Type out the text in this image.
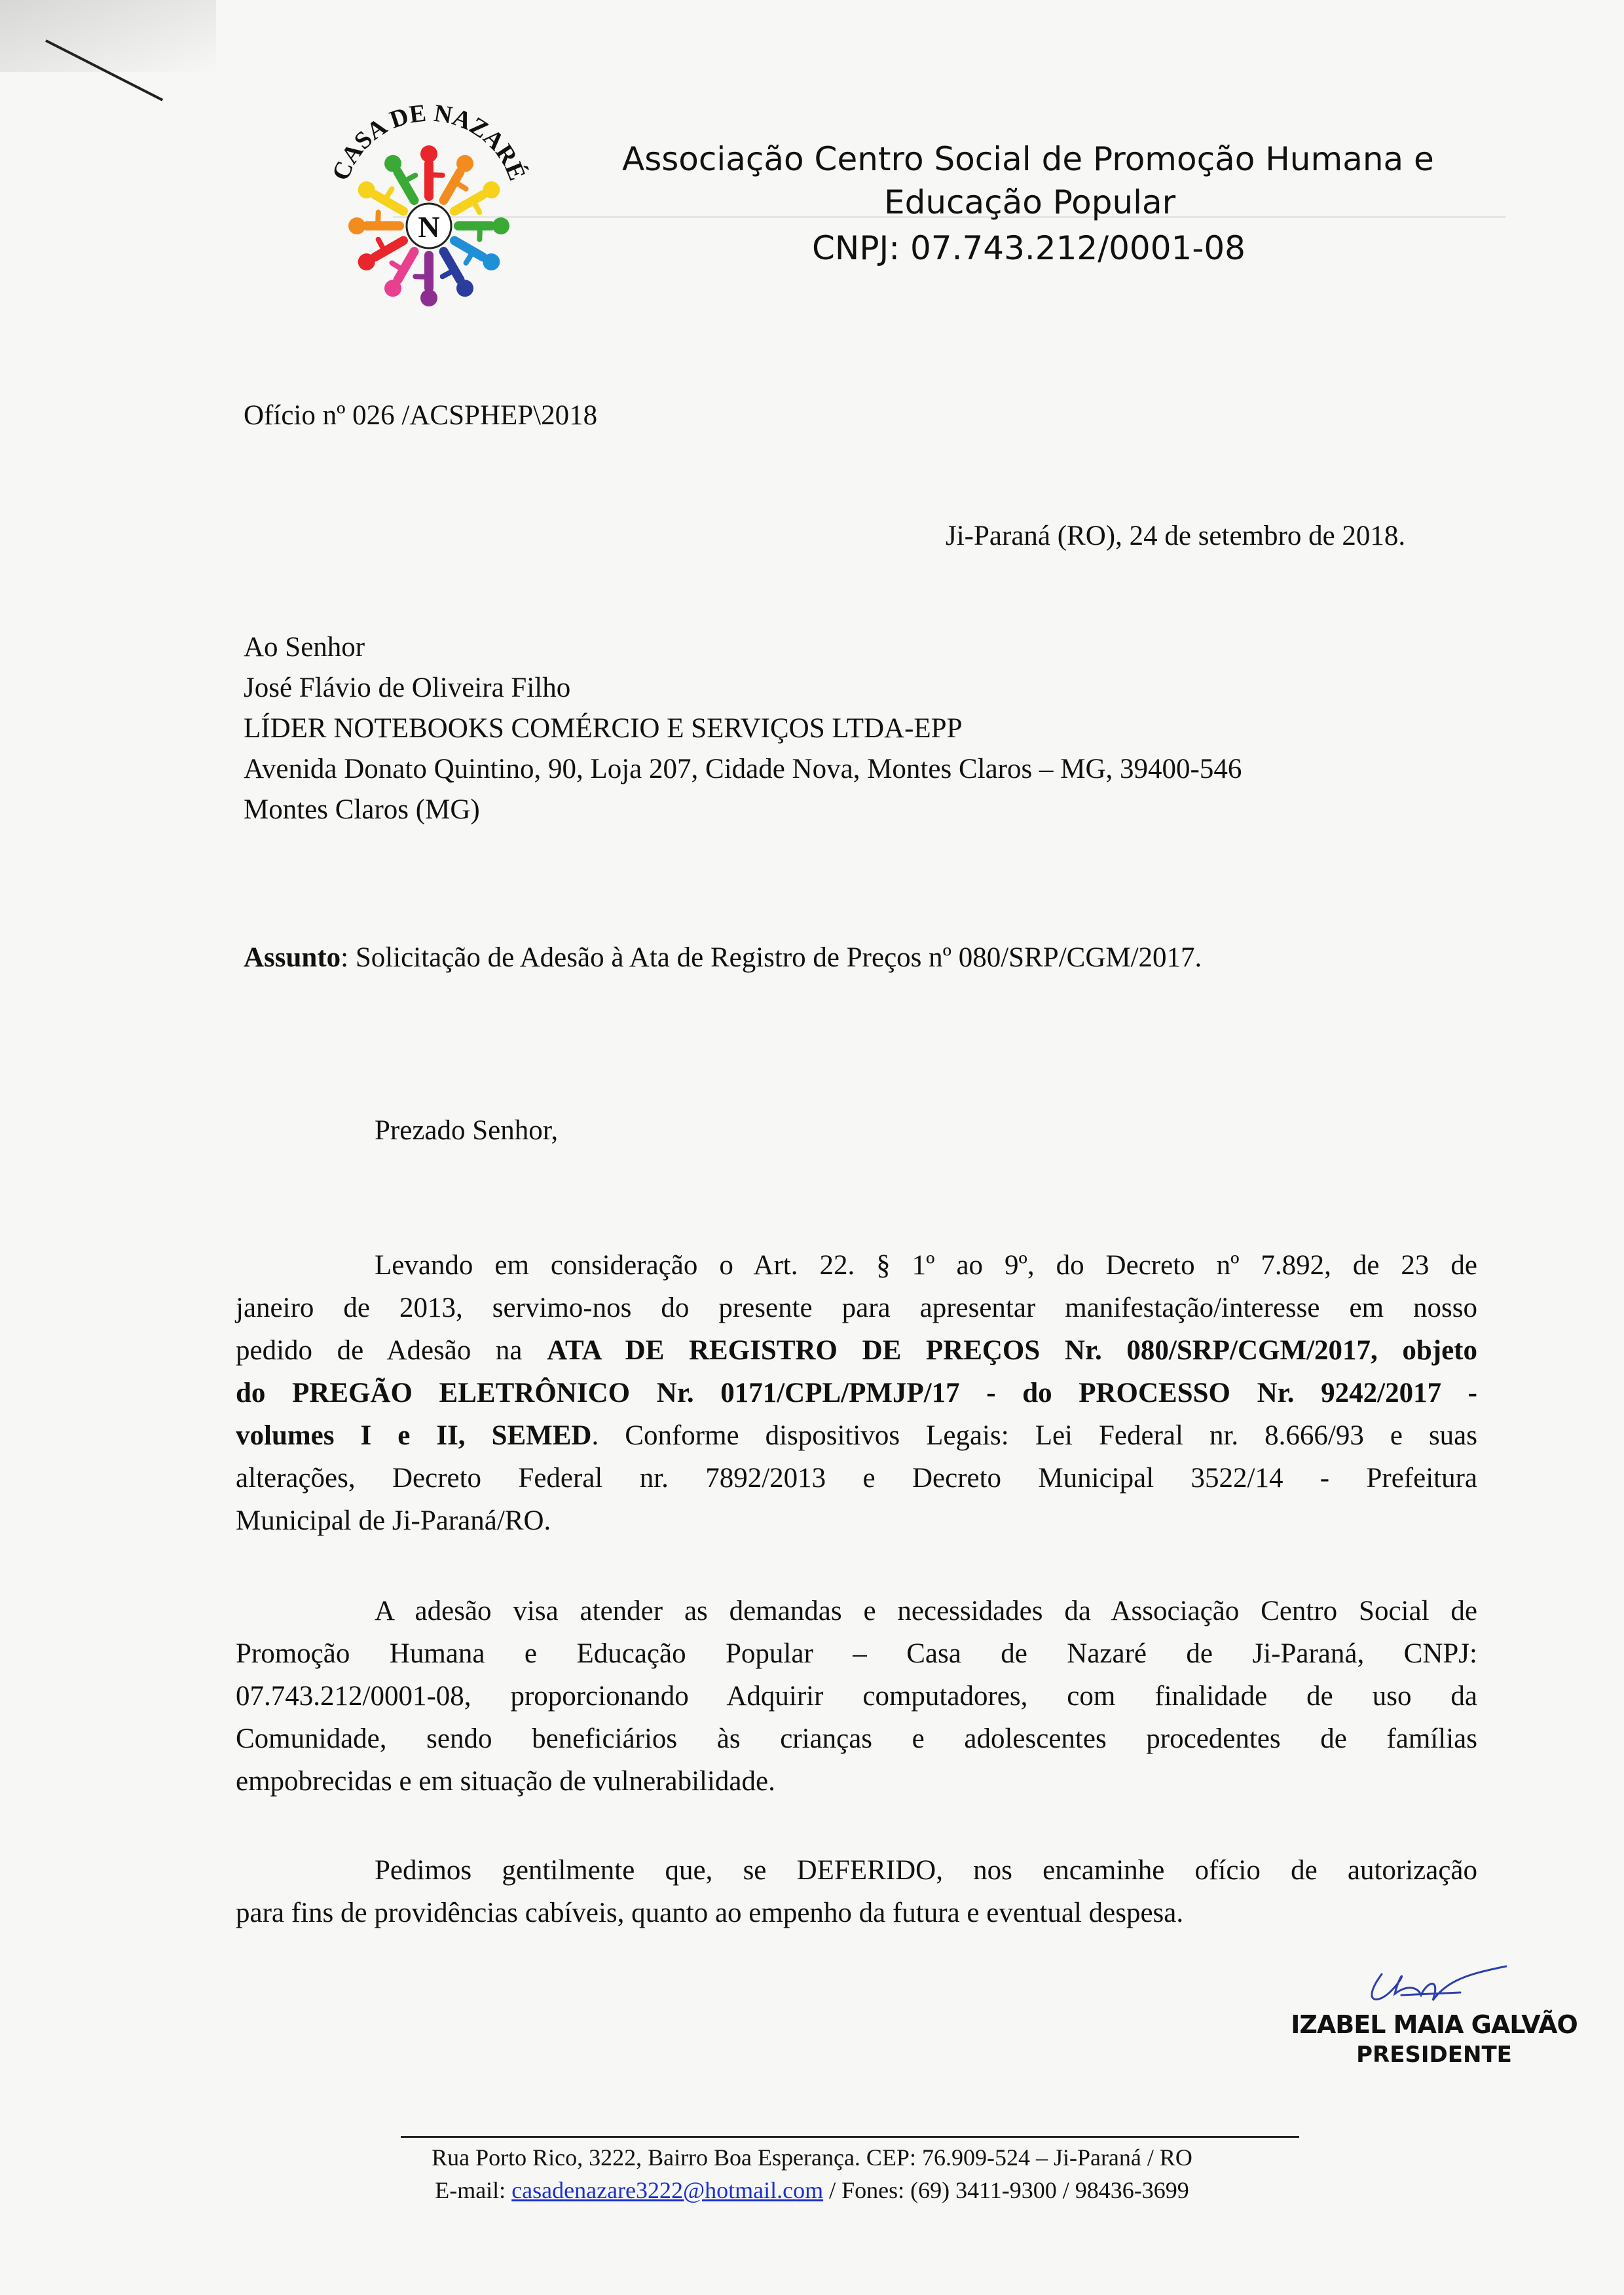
CASA DE NAZARÉ
N
Associação Centro Social de Promoção Humana e
Educação Popular
CNPJ: 07.743.212/0001-08
Ofício nº 026 /ACSPHEP\2018
Ji-Paraná (RO), 24 de setembro de 2018.
Ao Senhor
José Flávio de Oliveira Filho
LÍDER NOTEBOOKS COMÉRCIO E SERVIÇOS LTDA-EPP
Avenida Donato Quintino, 90, Loja 207, Cidade Nova, Montes Claros – MG, 39400-546
Montes Claros (MG)
Assunto: Solicitação de Adesão à Ata de Registro de Preços nº 080/SRP/CGM/2017.
Prezado Senhor,
Levando em consideração o Art. 22. § 1º ao 9º, do Decreto nº 7.892, de 23 de
janeiro de 2013, servimo-nos do presente para apresentar manifestação/interesse em nosso
pedido de Adesão na ATA DE REGISTRO DE PREÇOS Nr. 080/SRP/CGM/2017, objeto
do PREGÃO ELETRÔNICO Nr. 0171/CPL/PMJP/17 - do PROCESSO Nr. 9242/2017 -
volumes I e II, SEMED. Conforme dispositivos Legais: Lei Federal nr. 8.666/93 e suas
alterações, Decreto Federal nr. 7892/2013 e Decreto Municipal 3522/14 - Prefeitura
Municipal de Ji-Paraná/RO.
A adesão visa atender as demandas e necessidades da Associação Centro Social de
Promoção Humana e Educação Popular – Casa de Nazaré de Ji-Paraná, CNPJ:
07.743.212/0001-08, proporcionando Adquirir computadores, com finalidade de uso da
Comunidade, sendo beneficiários às crianças e adolescentes procedentes de famílias
empobrecidas e em situação de vulnerabilidade.
Pedimos gentilmente que, se DEFERIDO, nos encaminhe ofício de autorização
para fins de providências cabíveis, quanto ao empenho da futura e eventual despesa.
IZABEL MAIA GALVÃO
PRESIDENTE
Rua Porto Rico, 3222, Bairro Boa Esperança. CEP: 76.909-524 – Ji-Paraná / RO
E-mail: casadenazare3222@hotmail.com / Fones: (69) 3411-9300 / 98436-3699
